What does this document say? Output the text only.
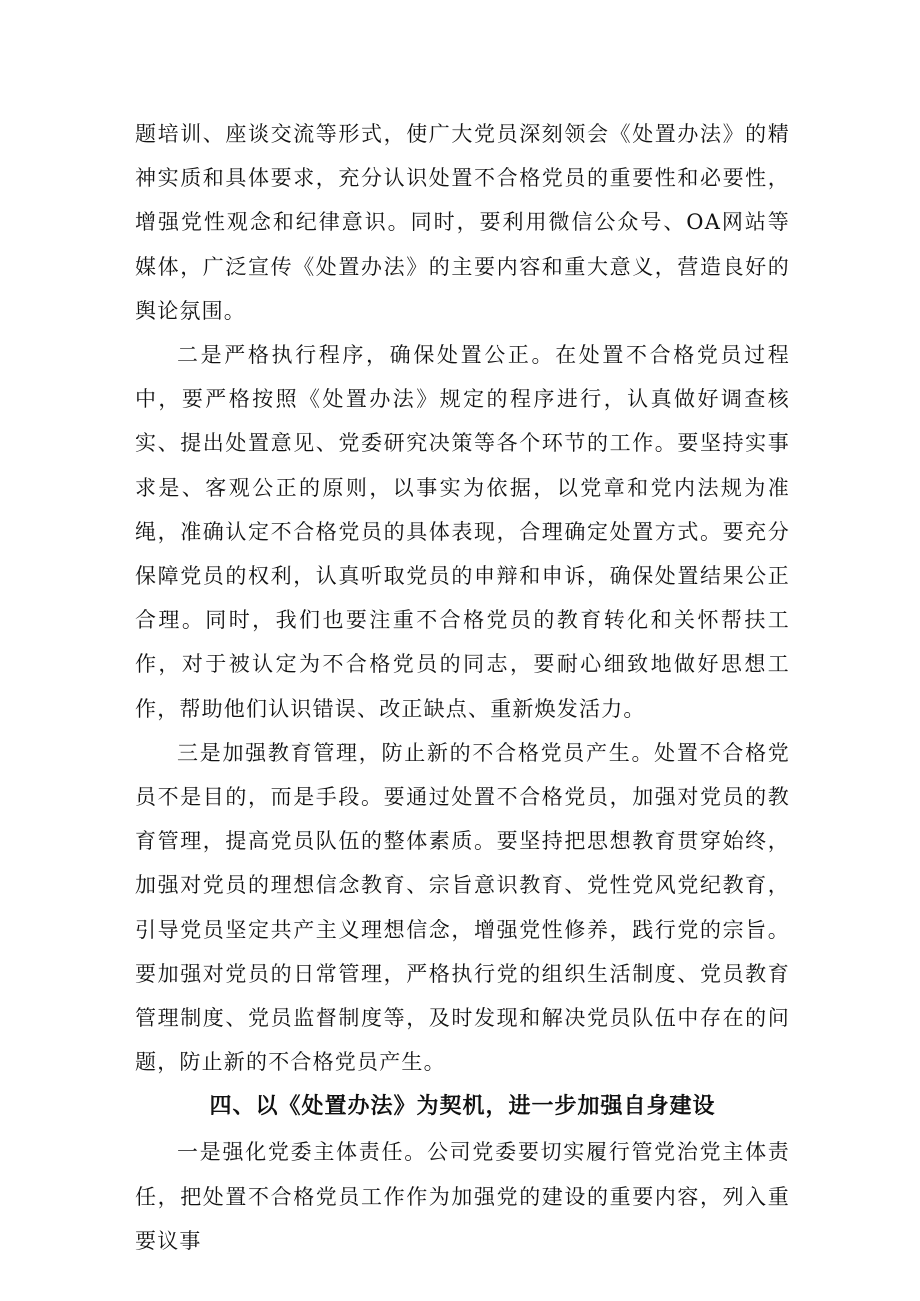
题培训、座谈交流等形式，使广大党员深刻领会《处置办法》的精神实质和具体要求，充分认识处置不合格党员的重要性和必要性，增强党性观念和纪律意识。同时，要利用微信公众号、OA网站等媒体，广泛宣传《处置办法》的主要内容和重大意义，营造良好的舆论氛围。

二是严格执行程序，确保处置公正。在处置不合格党员过程中，要严格按照《处置办法》规定的程序进行，认真做好调查核实、提出处置意见、党委研究决策等各个环节的工作。要坚持实事求是、客观公正的原则，以事实为依据，以党章和党内法规为准绳，准确认定不合格党员的具体表现，合理确定处置方式。要充分保障党员的权利，认真听取党员的申辩和申诉，确保处置结果公正合理。同时，我们也要注重不合格党员的教育转化和关怀帮扶工作，对于被认定为不合格党员的同志，要耐心细致地做好思想工作，帮助他们认识错误、改正缺点、重新焕发活力。

三是加强教育管理，防止新的不合格党员产生。处置不合格党员不是目的，而是手段。要通过处置不合格党员，加强对党员的教育管理，提高党员队伍的整体素质。要坚持把思想教育贯穿始终，加强对党员的理想信念教育、宗旨意识教育、党性党风党纪教育，引导党员坚定共产主义理想信念，增强党性修养，践行党的宗旨。要加强对党员的日常管理，严格执行党的组织生活制度、党员教育管理制度、党员监督制度等，及时发现和解决党员队伍中存在的问题，防止新的不合格党员产生。

四、以《处置办法》为契机，进一步加强自身建设

一是强化党委主体责任。公司党委要切实履行管党治党主体责任，把处置不合格党员工作作为加强党的建设的重要内容，列入重要议事
